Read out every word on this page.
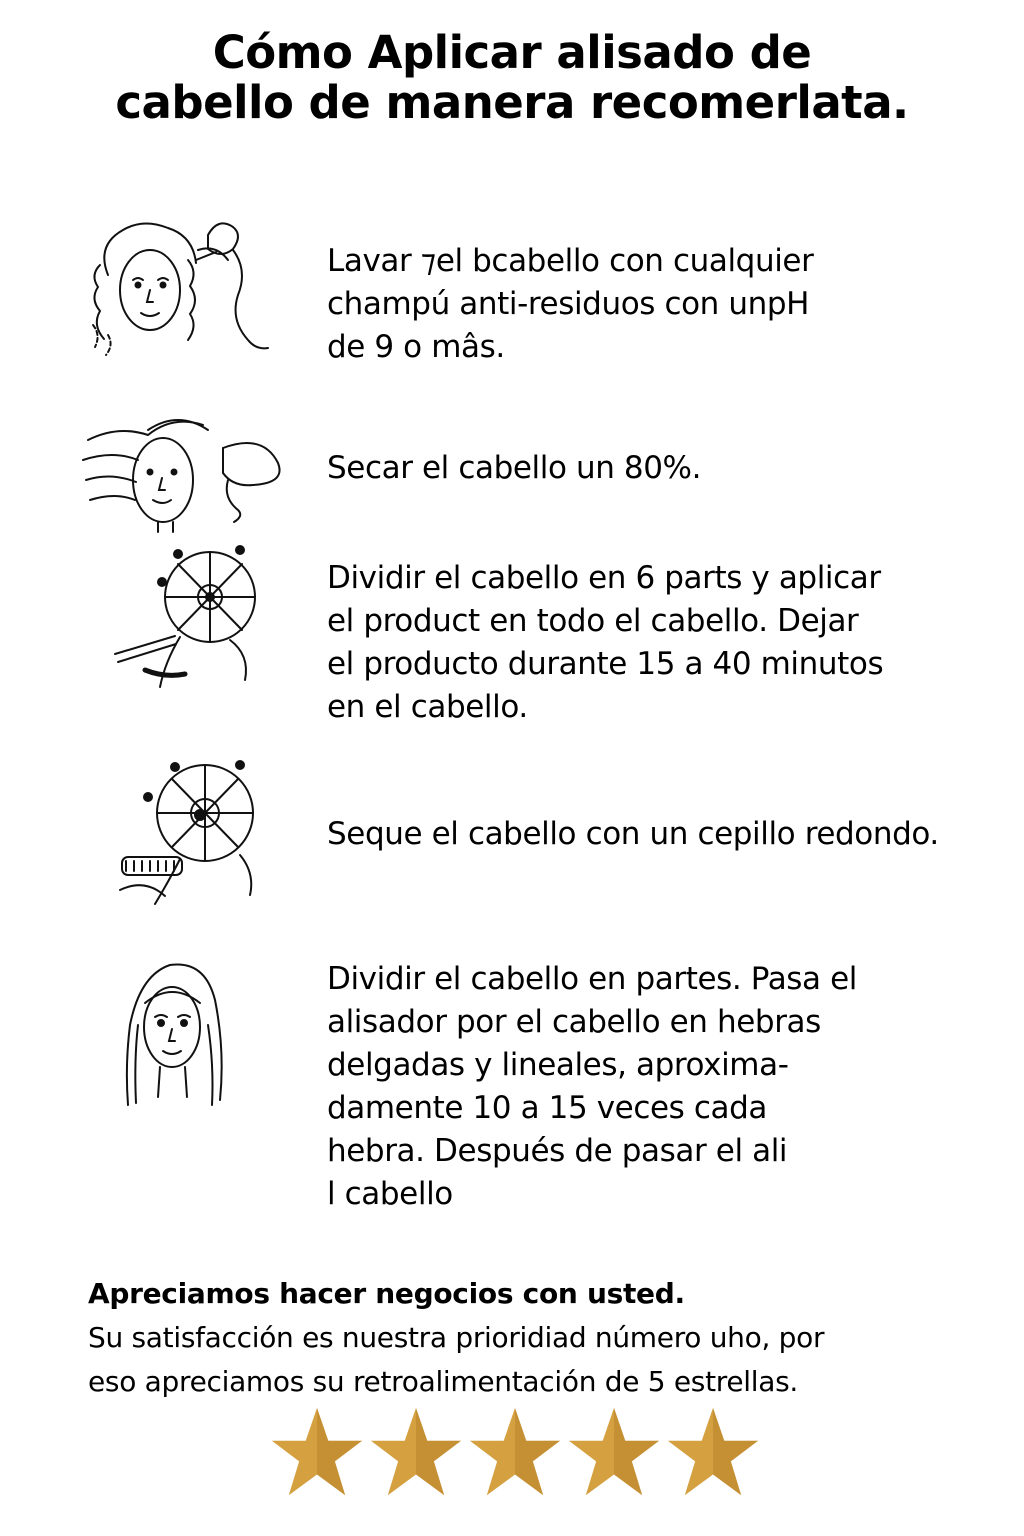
Cómo Aplicar alisado de
cabello de manera recomerlata.
Lavar ⁊el bcabello con cualquier
champú anti-residuos con unpH
de 9 o mâs.
Secar el cabello un 80%.
Dividir el cabello en 6 parts y aplicar
el product en todo el cabello. Dejar
el producto durante 15 a 40 minutos
en el cabello.
Seque el cabello con un cepillo redondo.
Dividir el cabello en partes. Pasa el
alisador por el cabello en hebras
delgadas y lineales, aproxima-
damente 10 a 15 veces cada
hebra. Después de pasar el ali
l cabello
Apreciamos hacer negocios con usted.
Su satisfacción es nuestra prioridiad número uho, por
eso apreciamos su retroalimentación de 5 estrellas.
